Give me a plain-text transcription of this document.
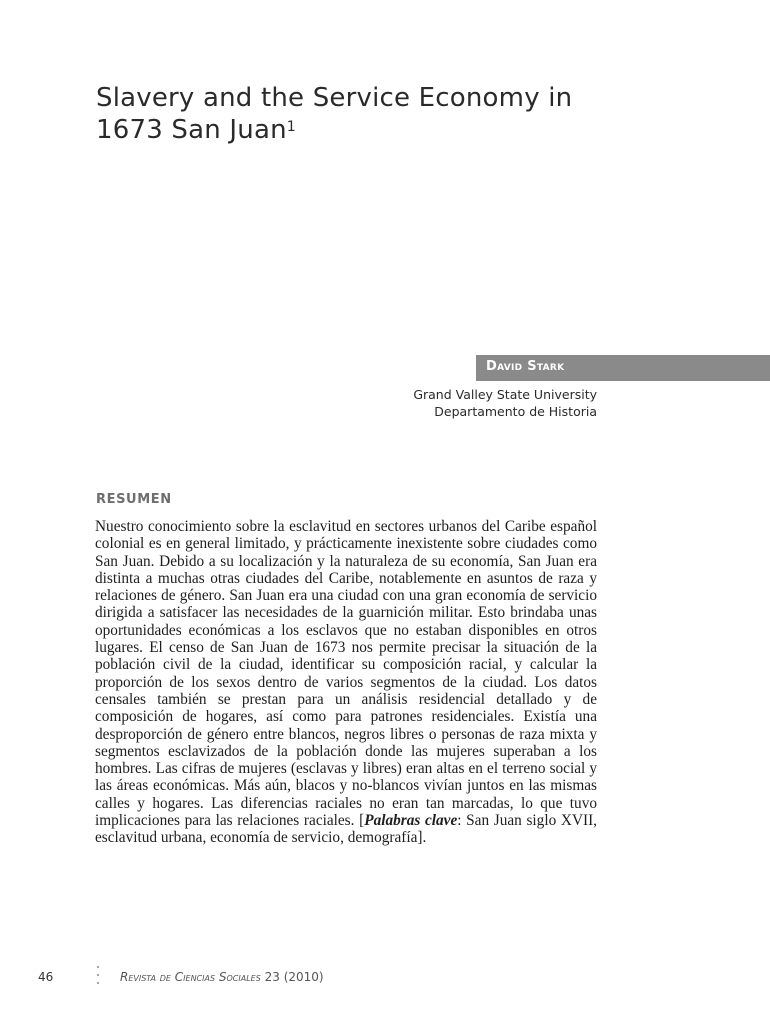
Slavery and the Service Economy in
1673 San Juan$^1$
David Stark
Grand Valley State University
Departamento de Historia
RESUMEN

Nuestro conocimiento sobre la esclavitud en sectores urbanos del Caribe español colonial es en general limitado, y prácticamente inexistente sobre ciudades como San Juan. Debido a su localización y la naturaleza de su economía, San Juan era distinta a muchas otras ciudades del Caribe, notablemente en asuntos de raza y relaciones de género. San Juan era una ciudad con una gran economía de servicio dirigida a satisfacer las necesidades de la guarnición militar. Esto brindaba unas oportunidades económicas a los esclavos que no estaban disponibles en otros lugares. El censo de San Juan de 1673 nos permite precisar la situación de la población civil de la ciudad, identificar su composición racial, y calcular la proporción de los sexos dentro de varios segmentos de la ciudad. Los datos censales también se prestan para un análisis residencial detallado y de composición de hogares, así como para patrones residenciales. Existía una desproporción de género entre blancos, negros libres o personas de raza mixta y segmentos esclavizados de la población donde las mujeres superaban a los hombres. Las cifras de mujeres (esclavas y libres) eran altas en el terreno social y las áreas económicas. Más aún, blacos y no-blancos vivían juntos en las mismas calles y hogares. Las diferencias raciales no eran tan marcadas, lo que tuvo implicaciones para las relaciones raciales. [Palabras clave: San Juan siglo XVII, esclavitud urbana, economía de servicio, demografía].

46	Revista de Ciencias Sociales 23 (2010)
